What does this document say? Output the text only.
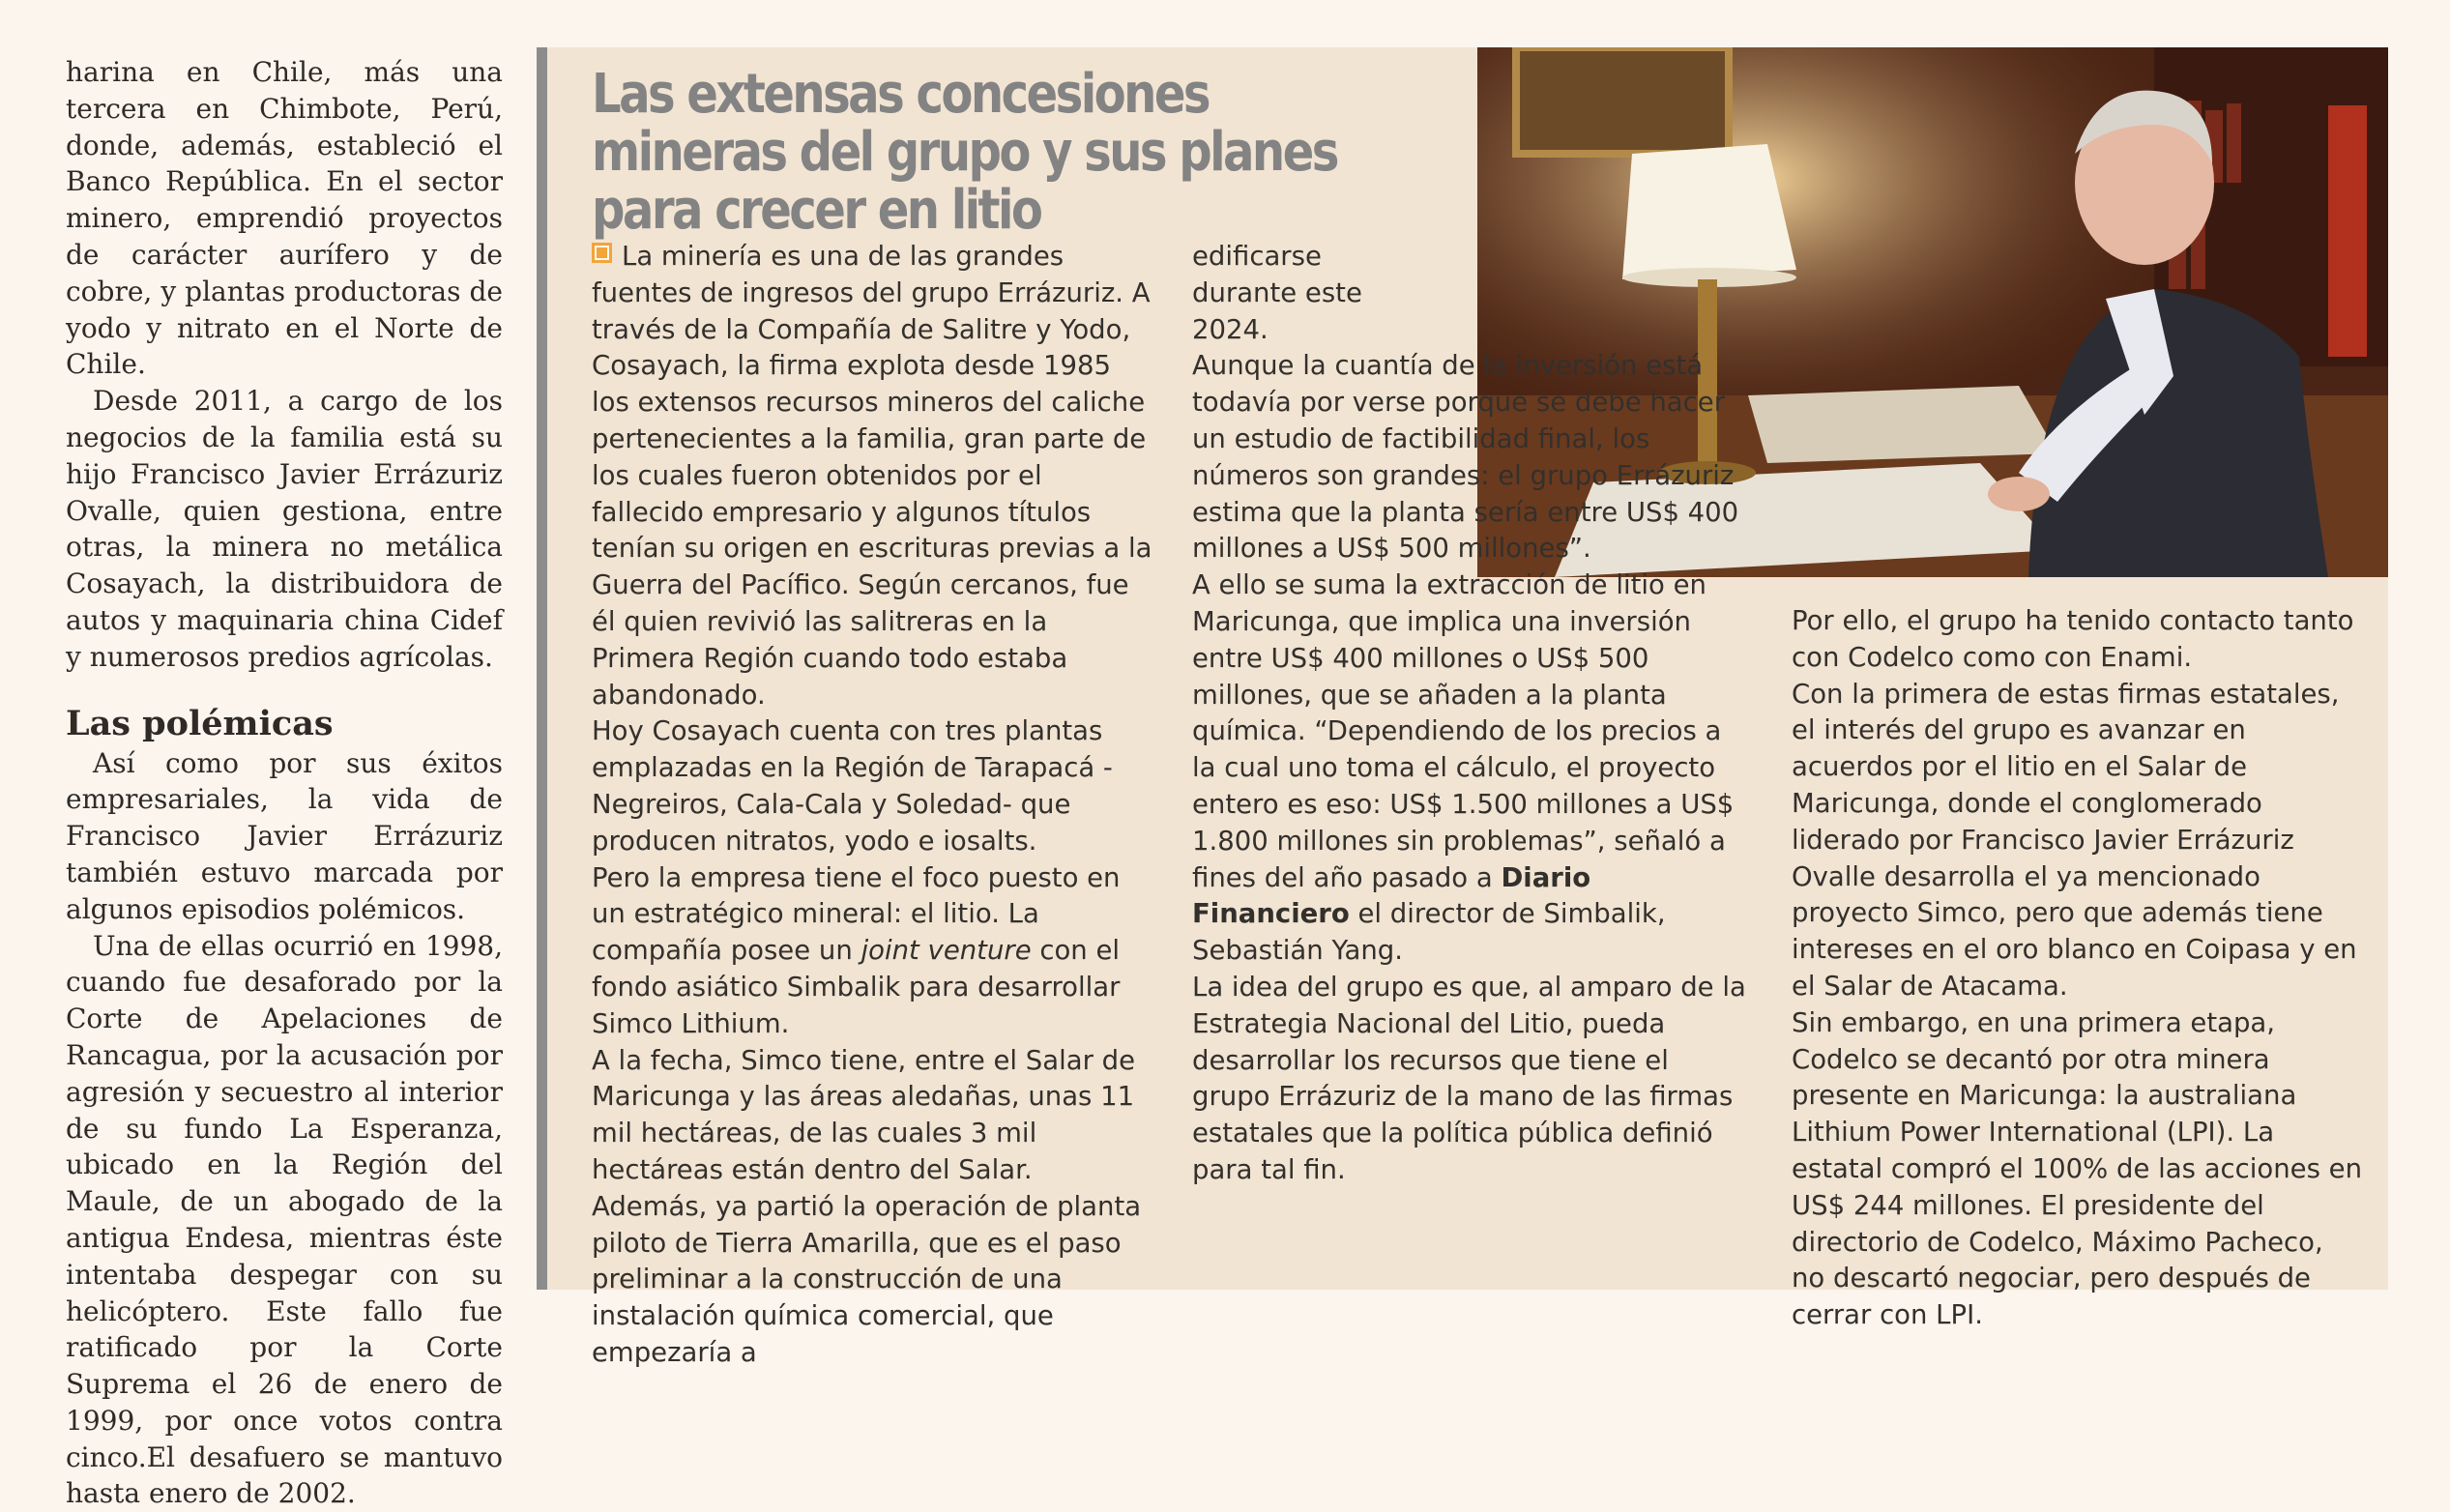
harina en Chile, más una tercera en Chimbote, Perú, donde, además, estableció el Banco República. En el sector minero, emprendió proyectos de carácter aurífero y de cobre, y plantas productoras de yodo y nitrato en el Norte de Chile.

Desde 2011, a cargo de los negocios de la familia está su hijo Francisco Javier Errázuriz Ovalle, quien gestiona, entre otras, la minera no metálica Cosayach, la distribuidora de autos y maquinaria china Cidef y numerosos predios agrícolas.

Las polémicas

Así como por sus éxitos empresariales, la vida de Francisco Javier Errázuriz también estuvo marcada por algunos episodios polémicos.

Una de ellas ocurrió en 1998, cuando fue desaforado por la Corte de Apelaciones de Rancagua, por la acusación por agresión y secuestro al interior de su fundo La Esperanza, ubicado en la Región del Maule, de un abogado de la antigua Endesa, mientras éste intentaba despegar con su helicóptero. Este fallo fue ratificado por la Corte Suprema el 26 de enero de 1999, por once votos contra cinco.El desafuero se mantuvo hasta enero de 2002.

Las extensas concesiones mineras del grupo y sus planes para crecer en litio

La minería es una de las grandes fuentes de ingresos del grupo Errázuriz. A través de la Compañía de Salitre y Yodo, Cosayach, la firma explota desde 1985 los extensos recursos mineros del caliche pertenecientes a la familia, gran parte de los cuales fueron obtenidos por el fallecido empresario y algunos títulos tenían su origen en escrituras previas a la Guerra del Pacífico. Según cercanos, fue él quien revivió las salitreras en la Primera Región cuando todo estaba abandonado.

Hoy Cosayach cuenta con tres plantas emplazadas en la Región de Tarapacá -Negreiros, Cala-Cala y Soledad- que producen nitratos, yodo e iosalts.

Pero la empresa tiene el foco puesto en un estratégico mineral: el litio. La compañía posee un joint venture con el fondo asiático Simbalik para desarrollar Simco Lithium.

A la fecha, Simco tiene, entre el Salar de Maricunga y las áreas aledañas, unas 11 mil hectáreas, de las cuales 3 mil hectáreas están dentro del Salar.

Además, ya partió la operación de planta piloto de Tierra Amarilla, que es el paso preliminar a la construcción de una instalación química comercial, que empezaría a

edificarse durante este 2024.

Aunque la cuantía de la inversión está todavía por verse porque se debe hacer un estudio de factibilidad final, los números son grandes: el grupo Errázuriz estima que la planta sería entre US$ 400 millones a US$ 500 millones”.

A ello se suma la extracción de litio en Maricunga, que implica una inversión entre US$ 400 millones o US$ 500 millones, que se añaden a la planta química. “Dependiendo de los precios a la cual uno toma el cálculo, el proyecto entero es eso: US$ 1.500 millones a US$ 1.800 millones sin problemas”, señaló a fines del año pasado a Diario Financiero el director de Simbalik, Sebastián Yang.

La idea del grupo es que, al amparo de la Estrategia Nacional del Litio, pueda desarrollar los recursos que tiene el grupo Errázuriz de la mano de las firmas estatales que la política pública definió para tal fin.

Por ello, el grupo ha tenido contacto tanto con Codelco como con Enami.

Con la primera de estas firmas estatales, el interés del grupo es avanzar en acuerdos por el litio en el Salar de Maricunga, donde el conglomerado liderado por Francisco Javier Errázuriz Ovalle desarrolla el ya mencionado proyecto Simco, pero que además tiene intereses en el oro blanco en Coipasa y en el Salar de Atacama.

Sin embargo, en una primera etapa, Codelco se decantó por otra minera presente en Maricunga: la australiana Lithium Power International (LPI). La estatal compró el 100% de las acciones en US$ 244 millones. El presidente del directorio de Codelco, Máximo Pacheco, no descartó negociar, pero después de cerrar con LPI.
